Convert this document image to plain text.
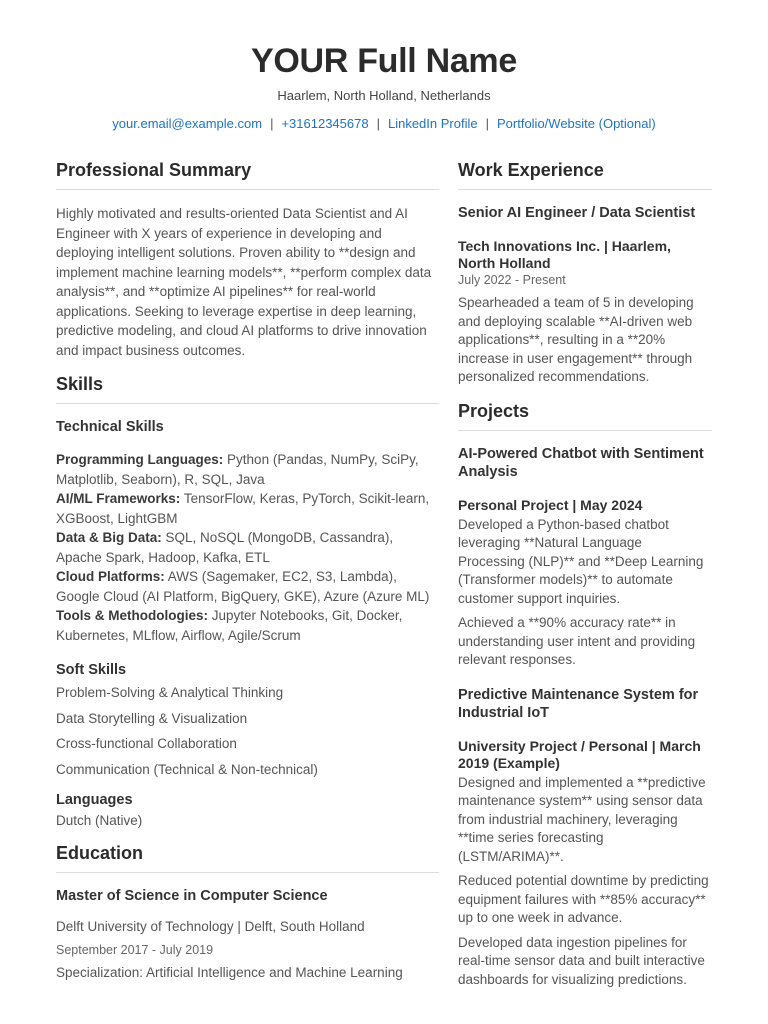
YOUR Full Name
Haarlem, North Holland, Netherlands
your.email@example.com | +31612345678 | LinkedIn Profile | Portfolio/Website (Optional)
Professional Summary
Highly motivated and results-oriented Data Scientist and AI Engineer with X years of experience in developing and deploying intelligent solutions. Proven ability to **design and implement machine learning models**, **perform complex data analysis**, and **optimize AI pipelines** for real-world applications. Seeking to leverage expertise in deep learning, predictive modeling, and cloud AI platforms to drive innovation and impact business outcomes.
Skills
Technical Skills
Programming Languages: Python (Pandas, NumPy, SciPy, Matplotlib, Seaborn), R, SQL, Java
AI/ML Frameworks: TensorFlow, Keras, PyTorch, Scikit-learn, XGBoost, LightGBM
Data & Big Data: SQL, NoSQL (MongoDB, Cassandra), Apache Spark, Hadoop, Kafka, ETL
Cloud Platforms: AWS (Sagemaker, EC2, S3, Lambda), Google Cloud (AI Platform, BigQuery, GKE), Azure (Azure ML)
Tools & Methodologies: Jupyter Notebooks, Git, Docker, Kubernetes, MLflow, Airflow, Agile/Scrum
Soft Skills
Problem-Solving & Analytical Thinking
Data Storytelling & Visualization
Cross-functional Collaboration
Communication (Technical & Non-technical)
Languages
Dutch (Native)
Education
Master of Science in Computer Science
Delft University of Technology | Delft, South Holland
September 2017 - July 2019
Specialization: Artificial Intelligence and Machine Learning
Work Experience
Senior AI Engineer / Data Scientist
Tech Innovations Inc. | Haarlem, North Holland
July 2022 - Present
Spearheaded a team of 5 in developing and deploying scalable **AI-driven web applications**, resulting in a **20% increase in user engagement** through personalized recommendations.
Projects
AI-Powered Chatbot with Sentiment Analysis
Personal Project | May 2024
Developed a Python-based chatbot leveraging **Natural Language Processing (NLP)** and **Deep Learning (Transformer models)** to automate customer support inquiries.
Achieved a **90% accuracy rate** in understanding user intent and providing relevant responses.
Predictive Maintenance System for Industrial IoT
University Project / Personal | March 2019 (Example)
Designed and implemented a **predictive maintenance system** using sensor data from industrial machinery, leveraging **time series forecasting (LSTM/ARIMA)**.
Reduced potential downtime by predicting equipment failures with **85% accuracy** up to one week in advance.
Developed data ingestion pipelines for real-time sensor data and built interactive dashboards for visualizing predictions.
